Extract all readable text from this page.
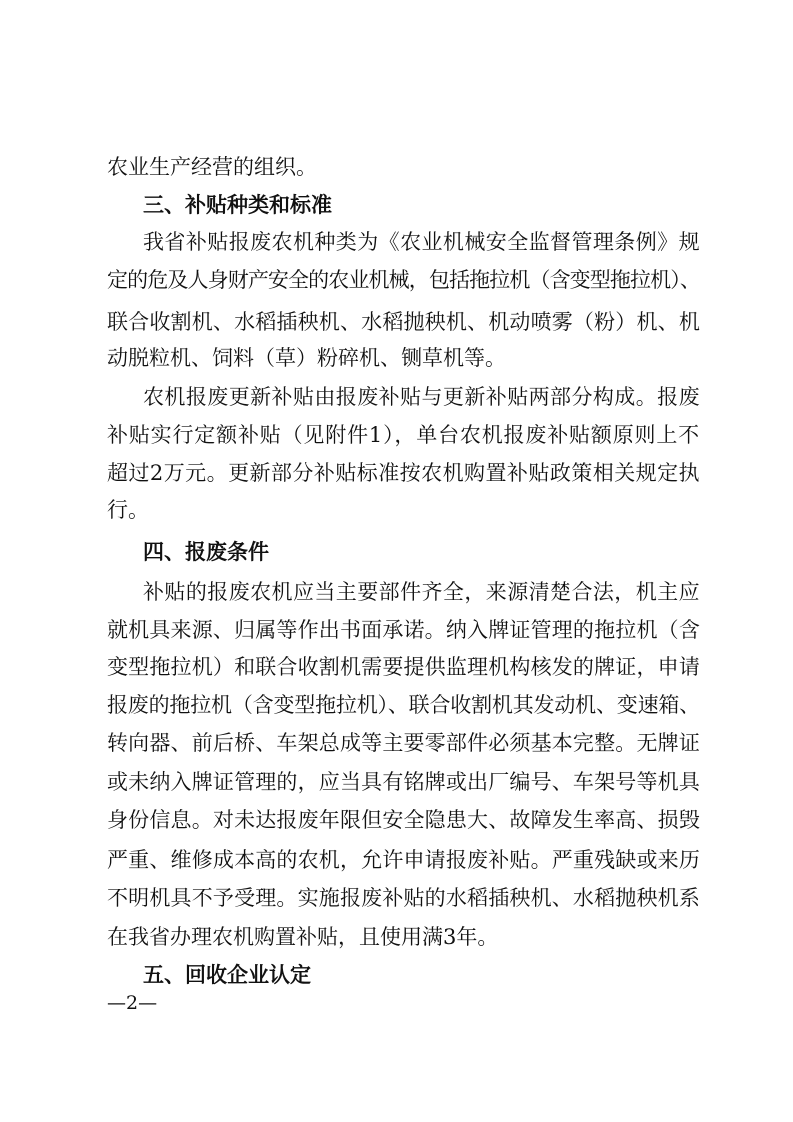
农业生产经营的组织。
三、补贴种类和标准
我省补贴报废农机种类为《农业机械安全监督管理条例》规
定的危及人身财产安全的农业机械，包括拖拉机（含变型拖拉机）、
联合收割机、水稻插秧机、水稻抛秧机、机动喷雾（粉）机、机
动脱粒机、饲料（草）粉碎机、铡草机等。
农机报废更新补贴由报废补贴与更新补贴两部分构成。报废
补贴实行定额补贴（见附件1），单台农机报废补贴额原则上不
超过2万元。更新部分补贴标准按农机购置补贴政策相关规定执
行。
四、报废条件
补贴的报废农机应当主要部件齐全，来源清楚合法，机主应
就机具来源、归属等作出书面承诺。纳入牌证管理的拖拉机（含
变型拖拉机）和联合收割机需要提供监理机构核发的牌证，申请
报废的拖拉机（含变型拖拉机）、联合收割机其发动机、变速箱、
转向器、前后桥、车架总成等主要零部件必须基本完整。无牌证
或未纳入牌证管理的，应当具有铭牌或出厂编号、车架号等机具
身份信息。对未达报废年限但安全隐患大、故障发生率高、损毁
严重、维修成本高的农机，允许申请报废补贴。严重残缺或来历
不明机具不予受理。实施报废补贴的水稻插秧机、水稻抛秧机系
在我省办理农机购置补贴，且使用满3年。
五、回收企业认定
—2—
